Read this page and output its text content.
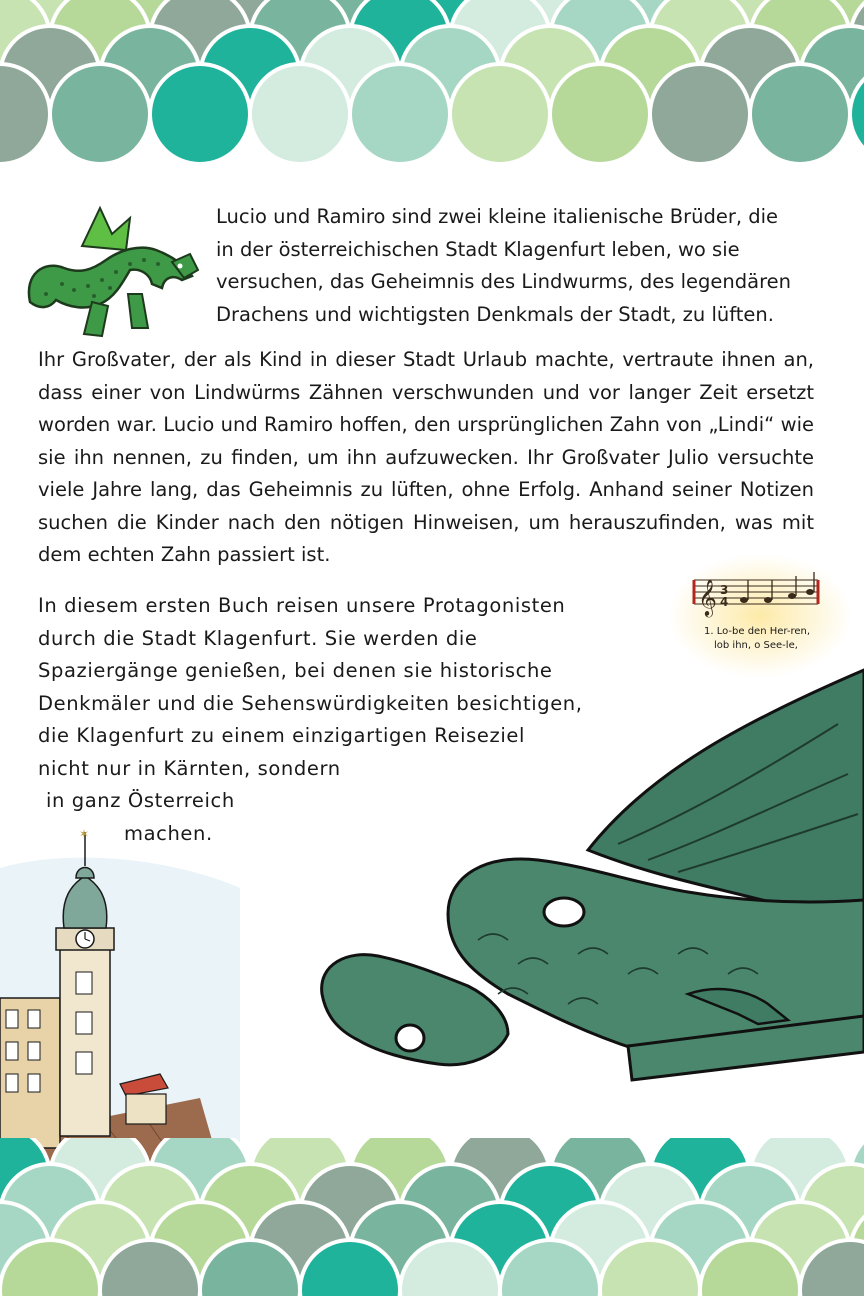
Lucio und Ramiro sind zwei kleine italienische Brüder, die
in der österreichischen Stadt Klagenfurt leben, wo sie
versuchen, das Geheimnis des Lindwurms, des legendären
Drachens und wichtigsten Denkmals der Stadt, zu lüften.

Ihr Großvater, der als Kind in dieser Stadt Urlaub machte, vertraute ihnen an, dass einer von Lindwürms Zähnen verschwunden und vor langer Zeit ersetzt worden war. Lucio und Ramiro hoffen, den ursprünglichen Zahn von „Lindi“ wie sie ihn nennen, zu finden, um ihn aufzuwecken. Ihr Großvater Julio versuchte viele Jahre lang, das Geheimnis zu lüften, ohne Erfolg. Anhand seiner Notizen suchen die Kinder nach den nötigen Hinweisen, um herauszufinden, was mit dem echten Zahn passiert ist.

In diesem ersten Buch reisen unsere Protagonisten
durch die Stadt Klagenfurt. Sie werden die
Spaziergänge genießen, bei denen sie historische
Denkmäler und die Sehenswürdigkeiten besichtigen,
die Klagenfurt zu einem einzigartigen Reiseziel
nicht nur in Kärnten, sondern
in ganz Österreich
machen.

𝄞 3
4
1. Lo-be den Her-ren,
lob ihn, o See-le,
✶
